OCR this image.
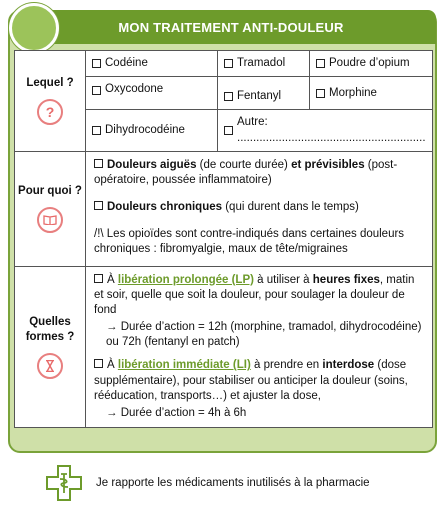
MON TRAITEMENT ANTI-DOULEUR
Lequel ?
?
Codéine	Tramadol	Poudre d’opium
Oxycodone
Fentanyl	Morphine
Dihydrocodéine
Autre: ...........................................................
Pour quoi ?

Douleurs aiguës (de courte durée) et prévisibles (post-opératoire, poussée inflammatoire)

Douleurs chroniques (qui durent dans le temps)

/!\ Les opioïdes sont contre-indiqués dans certaines douleurs chroniques : fibromyalgie, maux de tête/migraines

Quelles
formes ?

À libération prolongée (LP) à utiliser à heures fixes, matin et soir, quelle que soit la douleur, pour soulager la douleur de fond

→ Durée d’action = 12h (morphine, tramadol, dihydrocodéine) ou 72h (fentanyl en patch)

À libération immédiate (LI) à prendre en interdose (dose supplémentaire), pour stabiliser ou anticiper la douleur (soins, rééducation, transports…) et ajuster la dose,

→ Durée d’action = 4h à 6h

Je rapporte les médicaments inutilisés à la pharmacie
